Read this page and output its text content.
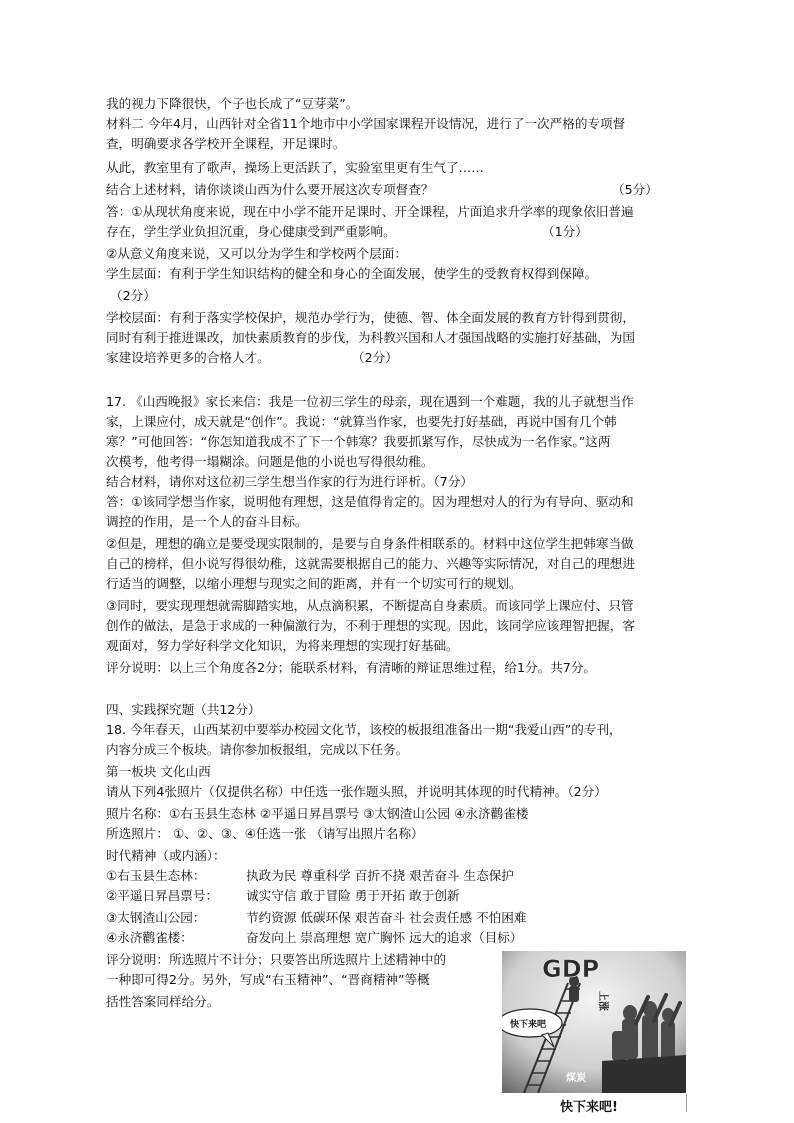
我的视力下降很快，个子也长成了“豆芽菜”。
材料二 今年4月，山西针对全省11个地市中小学国家课程开设情况，进行了一次严格的专项督
查，明确要求各学校开全课程，开足课时。
从此，教室里有了歌声，操场上更活跃了，实验室里更有生气了……
结合上述材料，请你谈谈山西为什么要开展这次专项督查？	（5分）
答：①从现状角度来说，现在中小学不能开足课时、开全课程，片面追求升学率的现象依旧普遍
存在，学生学业负担沉重，身心健康受到严重影响。	（1分）
②从意义角度来说，又可以分为学生和学校两个层面：
学生层面：有利于学生知识结构的健全和身心的全面发展，使学生的受教育权得到保障。
（2分）
学校层面：有利于落实学校保护，规范办学行为，使德、智、体全面发展的教育方针得到贯彻，
同时有利于推进课改，加快素质教育的步伐，为科教兴国和人才强国战略的实施打好基础，为国
家建设培养更多的合格人才。	（2分）
17. 《山西晚报》家长来信：我是一位初三学生的母亲，现在遇到一个难题，我的儿子就想当作
家，上课应付，成天就是“创作”。我说：“就算当作家，也要先打好基础，再说中国有几个韩
寒？”可他回答：“你怎知道我成不了下一个韩寒？我要抓紧写作，尽快成为一名作家。”这两
次模考，他考得一塌糊涂。问题是他的小说也写得很幼稚。
结合材料，请你对这位初三学生想当作家的行为进行评析。（7分）
答：①该同学想当作家，说明他有理想，这是值得肯定的。因为理想对人的行为有导向、驱动和
调控的作用，是一个人的奋斗目标。
②但是，理想的确立是要受现实限制的，是要与自身条件相联系的。材料中这位学生把韩寒当做
自己的榜样，但小说写得很幼稚，这就需要根据自己的能力、兴趣等实际情况，对自己的理想进
行适当的调整，以缩小理想与现实之间的距离，并有一个切实可行的规划。
③同时，要实现理想就需脚踏实地，从点滴积累，不断提高自身素质。而该同学上课应付、只管
创作的做法，是急于求成的一种偏激行为，不利于理想的实现。因此，该同学应该理智把握，客
观面对，努力学好科学文化知识，为将来理想的实现打好基础。
评分说明：以上三个角度各2分；能联系材料，有清晰的辩证思维过程，给1分。共7分。
四、实践探究题（共12分）
18. 今年春天，山西某初中要举办校园文化节，该校的板报组准备出一期“我爱山西”的专刊，
内容分成三个板块。请你参加板报组，完成以下任务。
第一板块 文化山西
请从下列4张照片（仅提供名称）中任选一张作题头照，并说明其体现的时代精神。（2分）
照片名称：①右玉县生态林 ②平遥日昇昌票号 ③太钢渣山公园 ④永济鹳雀楼
所选照片： ①、②、③、④任选一张 （请写出照片名称）
时代精神（或内涵）：
①右玉县生态林：	执政为民 尊重科学 百折不挠 艰苦奋斗 生态保护
②平遥日昇昌票号： 诚实守信 敢于冒险 勇于开拓 敢于创新
③太钢渣山公园：	节约资源 低碳环保 艰苦奋斗 社会责任感 不怕困难
④永济鹳雀楼：	奋发向上 崇高理想 宽广胸怀 远大的追求（目标）
评分说明：所选照片不计分；只要答出所选照片上述精神中的
一种即可得2分。另外，写成“右玉精神”、“晋商精神”等概
括性答案同样给分。
GDP
上涨
快下来吧
煤炭
快下来吧!
